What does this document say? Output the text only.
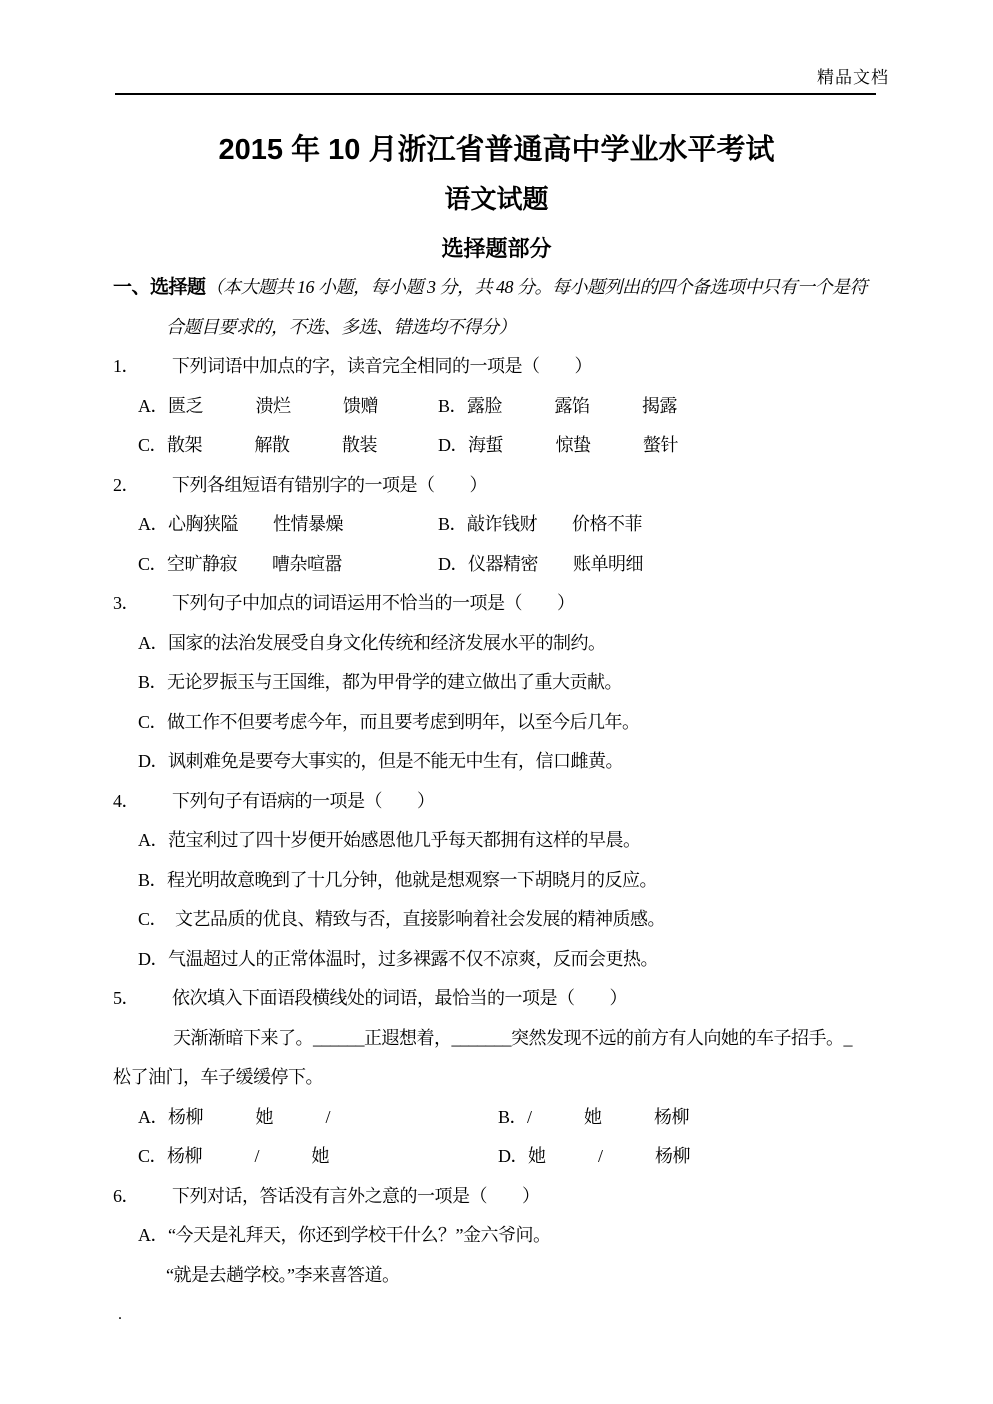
精品文档
2015 年 10 月浙江省普通高中学业水平考试
语文试题
选择题部分
一、选择题（本大题共 16 小题，每小题 3 分，共 48 分。每小题列出的四个备选项中只有一个是符
合题目要求的，不选、多选、错选均不得分）
1． 下列词语中加点的字，读音完全相同的一项是（　　）
A．匮乏　　　溃烂　　　馈赠	B．露脸　　　露馅　　　揭露
C．散架　　　解散　　　散装	D．海蜇　　　惊蛰　　　螫针
2． 下列各组短语有错别字的一项是（　　）
A．心胸狭隘　　性情暴燥	B．敲诈钱财　　价格不菲
C．空旷静寂　　嘈杂喧嚣	D．仪器精密　　账单明细
3． 下列句子中加点的词语运用不恰当的一项是（　　）
A．国家的法治发展受自身文化传统和经济发展水平的制约。
B．无论罗振玉与王国维，都为甲骨学的建立做出了重大贡献。
C．做工作不但要考虑今年，而且要考虑到明年，以至今后几年。
D．讽刺难免是要夸大事实的，但是不能无中生有，信口雌黄。
4． 下列句子有语病的一项是（　　）
A．范宝利过了四十岁便开始感恩他几乎每天都拥有这样的早晨。
B．程光明故意晚到了十几分钟，他就是想观察一下胡晓月的反应。
C．  文艺品质的优良、精致与否，直接影响着社会发展的精神质感。
D．气温超过人的正常体温时，过多裸露不仅不凉爽，反而会更热。
5． 依次填入下面语段横线处的词语，最恰当的一项是（　　）
天渐渐暗下来了。______正遐想着，_______突然发现不远的前方有人向她的车子招手。_
松了油门，车子缓缓停下。
A．杨柳　　　她　　　/	B．/　　　她　　　杨柳
C．杨柳　　　/　　　她	D．她　　　/　　　杨柳
6． 下列对话，答话没有言外之意的一项是（　　）
A．“今天是礼拜天，你还到学校干什么？”金六爷问。
“就是去趟学校。”李来喜答道。
.
